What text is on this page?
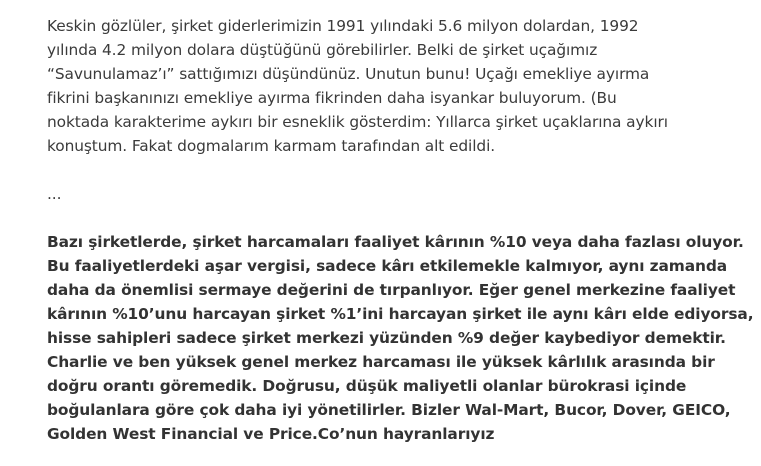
Keskin gözlüler, şirket giderlerimizin 1991 yılındaki 5.6 milyon dolardan, 1992
yılında 4.2 milyon dolara düştüğünü görebilirler. Belki de şirket uçağımız
“Savunulamaz’ı” sattığımızı düşündünüz. Unutun bunu! Uçağı emekliye ayırma
fikrini başkanınızı emekliye ayırma fikrinden daha isyankar buluyorum. (Bu
noktada karakterime aykırı bir esneklik gösterdim: Yıllarca şirket uçaklarına aykırı
konuştum. Fakat dogmalarım karmam tarafından alt edildi.

...

Bazı şirketlerde, şirket harcamaları faaliyet kârının %10 veya daha fazlası oluyor.
Bu faaliyetlerdeki aşar vergisi, sadece kârı etkilemekle kalmıyor, aynı zamanda
daha da önemlisi sermaye değerini de tırpanlıyor. Eğer genel merkezine faaliyet
kârının %10’unu harcayan şirket %1’ini harcayan şirket ile aynı kârı elde ediyorsa,
hisse sahipleri sadece şirket merkezi yüzünden %9 değer kaybediyor demektir.
Charlie ve ben yüksek genel merkez harcaması ile yüksek kârlılık arasında bir
doğru orantı göremedik. Doğrusu, düşük maliyetli olanlar bürokrasi içinde
boğulanlara göre çok daha iyi yönetilirler. Bizler Wal-Mart, Bucor, Dover, GEICO,
Golden West Financial ve Price.Co’nun hayranlarıyız
